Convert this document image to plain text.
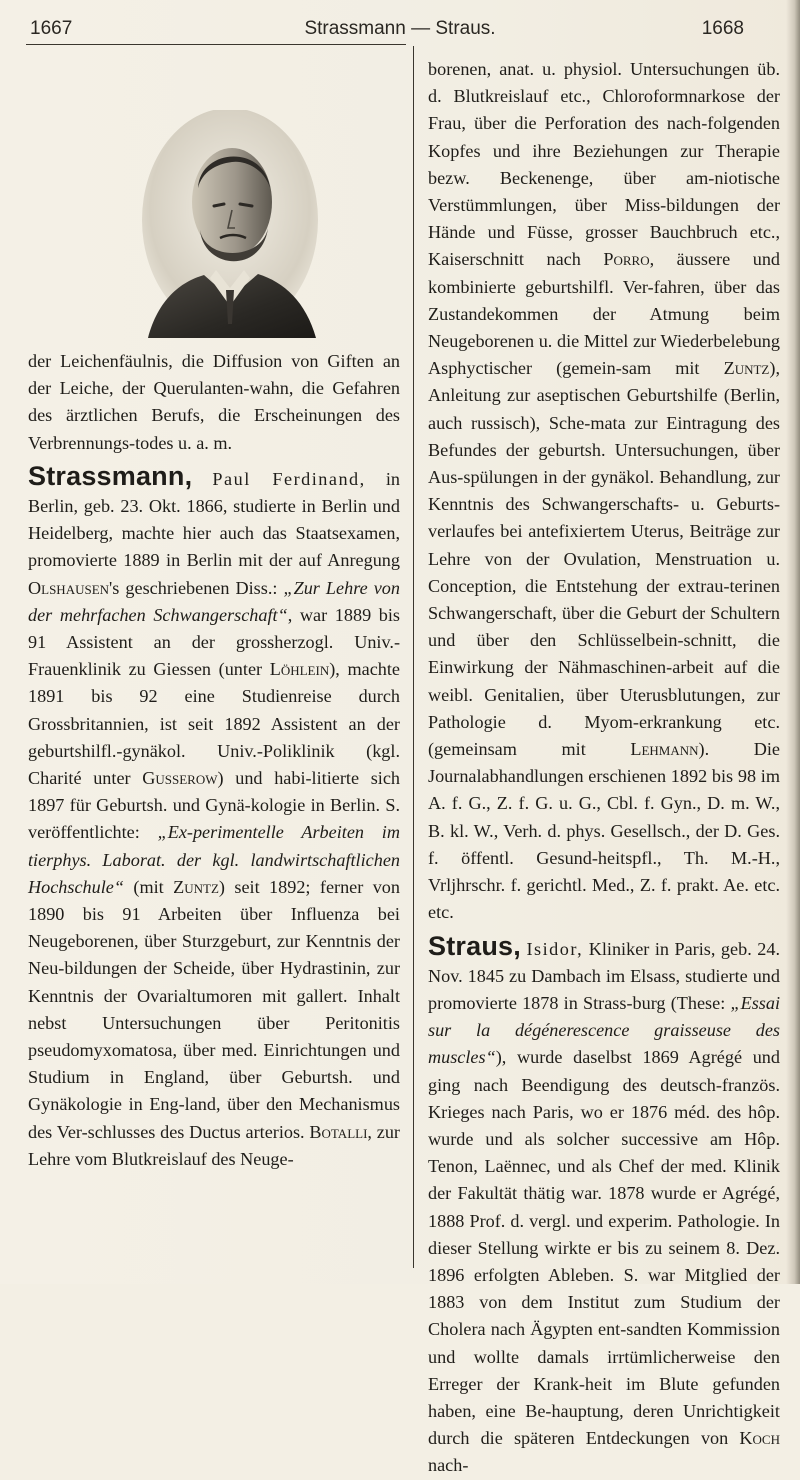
1667	Strassmann — Straus.	1668

der Leichenfäulnis, die Diffusion von Giften an der Leiche, der Querulanten-wahn, die Gefahren des ärztlichen Berufs, die Erscheinungen des Verbrennungs-todes u. a. m.

Strassmann, Paul Ferdinand, in Berlin, geb. 23. Okt. 1866, studierte in Berlin und Heidelberg, machte hier auch das Staatsexamen, promovierte 1889 in Berlin mit der auf Anregung Olshausen's geschriebenen Diss.: „Zur Lehre von der mehrfachen Schwangerschaft“, war 1889 bis 91 Assistent an der grossherzogl. Univ.-Frauenklinik zu Giessen (unter Löhlein), machte 1891 bis 92 eine Studienreise durch Grossbritannien, ist seit 1892 Assistent an der geburtshilfl.-gynäkol. Univ.-Poliklinik (kgl. Charité unter Gusserow) und habi-litierte sich 1897 für Geburtsh. und Gynä-kologie in Berlin. S. veröffentlichte: „Ex-perimentelle Arbeiten im tierphys. Laborat. der kgl. landwirtschaftlichen Hochschule“ (mit Zuntz) seit 1892; ferner von 1890 bis 91 Arbeiten über Influenza bei Neugeborenen, über Sturzgeburt, zur Kenntnis der Neu-bildungen der Scheide, über Hydrastinin, zur Kenntnis der Ovarialtumoren mit gallert. Inhalt nebst Untersuchungen über Peritonitis pseudomyxomatosa, über med. Einrichtungen und Studium in England, über Geburtsh. und Gynäkologie in Eng-land, über den Mechanismus des Ver-schlusses des Ductus arterios. Botalli, zur Lehre vom Blutkreislauf des Neuge-

borenen, anat. u. physiol. Untersuchungen üb. d. Blutkreislauf etc., Chloroformnarkose der Frau, über die Perforation des nach-folgenden Kopfes und ihre Beziehungen zur Therapie bezw. Beckenenge, über am-niotische Verstümmlungen, über Miss-bildungen der Hände und Füsse, grosser Bauchbruch etc., Kaiserschnitt nach Porro, äussere und kombinierte geburtshilfl. Ver-fahren, über das Zustandekommen der Atmung beim Neugeborenen u. die Mittel zur Wiederbelebung Asphyctischer (gemein-sam mit Zuntz), Anleitung zur aseptischen Geburtshilfe (Berlin, auch russisch), Sche-mata zur Eintragung des Befundes der geburtsh. Untersuchungen, über Aus-spülungen in der gynäkol. Behandlung, zur Kenntnis des Schwangerschafts- u. Geburts-verlaufes bei antefixiertem Uterus, Beiträge zur Lehre von der Ovulation, Menstruation u. Conception, die Entstehung der extrau-terinen Schwangerschaft, über die Geburt der Schultern und über den Schlüsselbein-schnitt, die Einwirkung der Nähmaschinen-arbeit auf die weibl. Genitalien, über Uterusblutungen, zur Pathologie d. Myom-erkrankung etc. (gemeinsam mit Lehmann). Die Journalabhandlungen erschienen 1892 bis 98 im A. f. G., Z. f. G. u. G., Cbl. f. Gyn., D. m. W., B. kl. W., Verh. d. phys. Gesellsch., der D. Ges. f. öffentl. Gesund-heitspfl., Th. M.-H., Vrljhrschr. f. gerichtl. Med., Z. f. prakt. Ae. etc. etc.

Straus, Isidor, Kliniker in Paris, geb. 24. Nov. 1845 zu Dambach im Elsass, studierte und promovierte 1878 in Strass-burg (These: „Essai sur la dégénerescence graisseuse des muscles“), wurde daselbst 1869 Agrégé und ging nach Beendigung des deutsch-französ. Krieges nach Paris, wo er 1876 méd. des hôp. wurde und als solcher successive am Hôp. Tenon, Laënnec, und als Chef der med. Klinik der Fakultät thätig war. 1878 wurde er Agrégé, 1888 Prof. d. vergl. und experim. Pathologie. In dieser Stellung wirkte er bis zu seinem 8. Dez. 1896 erfolgten Ableben. S. war Mitglied der 1883 von dem Institut zum Studium der Cholera nach Ägypten ent-sandten Kommission und wollte damals irrtümlicherweise den Erreger der Krank-heit im Blute gefunden haben, eine Be-hauptung, deren Unrichtigkeit durch die späteren Entdeckungen von Koch nach-
